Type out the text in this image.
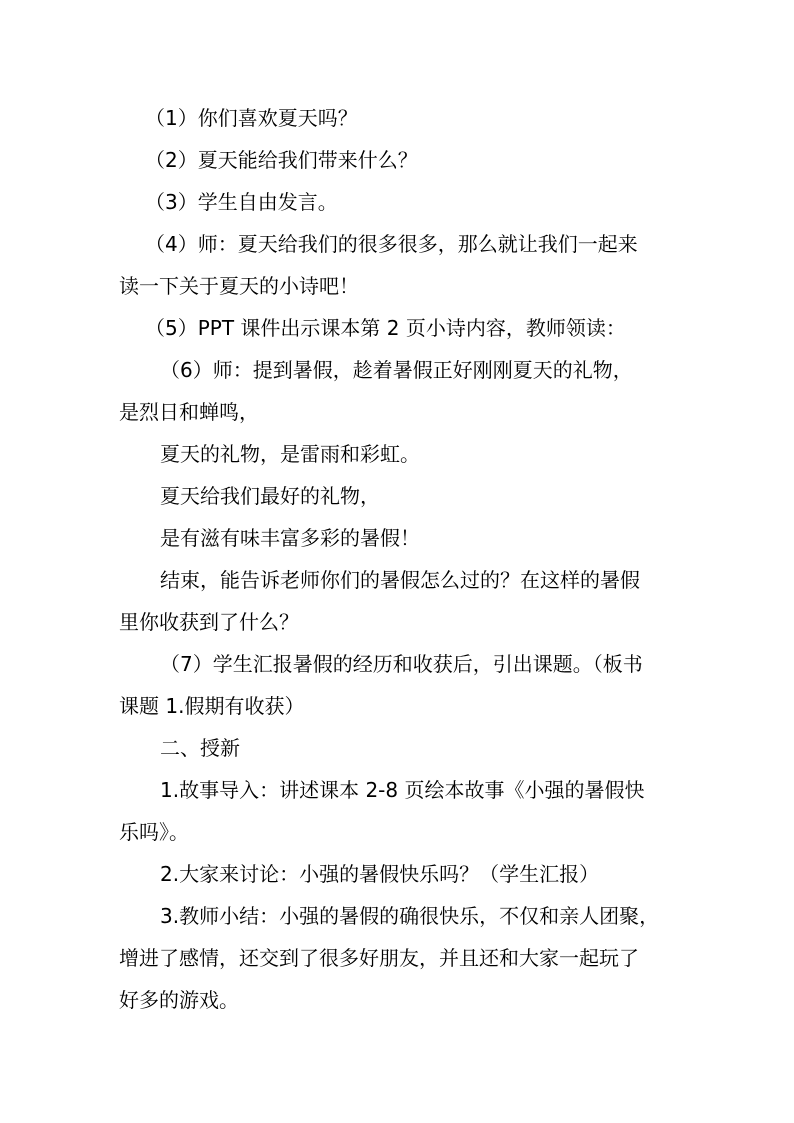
（1）你们喜欢夏天吗？
（2）夏天能给我们带来什么？
（3）学生自由发言。
（4）师：夏天给我们的很多很多，那么就让我们一起来
读一下关于夏天的小诗吧！
（5）PPT 课件出示课本第 2 页小诗内容，教师领读：
（6）师：提到暑假，趁着暑假正好刚刚夏天的礼物，
是烈日和蝉鸣，
夏天的礼物，是雷雨和彩虹。
夏天给我们最好的礼物，
是有滋有味丰富多彩的暑假！
结束，能告诉老师你们的暑假怎么过的？在这样的暑假
里你收获到了什么？
（7）学生汇报暑假的经历和收获后，引出课题。（板书
课题 1.假期有收获）
二、授新
1.故事导入：讲述课本 2-8 页绘本故事《小强的暑假快
乐吗》。
2.大家来讨论：小强的暑假快乐吗？（学生汇报）
3.教师小结：小强的暑假的确很快乐，不仅和亲人团聚，
增进了感情，还交到了很多好朋友，并且还和大家一起玩了
好多的游戏。
